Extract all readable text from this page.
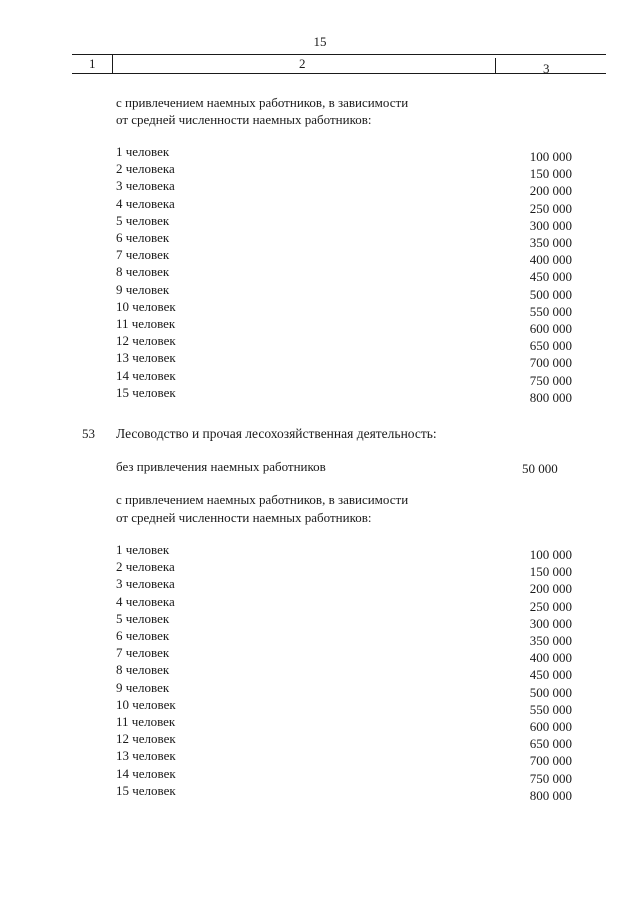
15
1	2	3
с привлечением наемных работников, в зависимости
от средней численности наемных работников:
1 человек	100 000
2 человека	150 000
3 человека	200 000
4 человека	250 000
5 человек	300 000
6 человек	350 000
7 человек	400 000
8 человек	450 000
9 человек	500 000
10 человек	550 000
11 человек	600 000
12 человек	650 000
13 человек	700 000
14 человек	750 000
15 человек	800 000
53 Лесоводство и прочая лесохозяйственная деятельность:
без привлечения наемных работников	50 000
с привлечением наемных работников, в зависимости
от средней численности наемных работников:
1 человек	100 000
2 человека	150 000
3 человека	200 000
4 человека	250 000
5 человек	300 000
6 человек	350 000
7 человек	400 000
8 человек	450 000
9 человек	500 000
10 человек	550 000
11 человек	600 000
12 человек	650 000
13 человек	700 000
14 человек	750 000
15 человек	800 000
